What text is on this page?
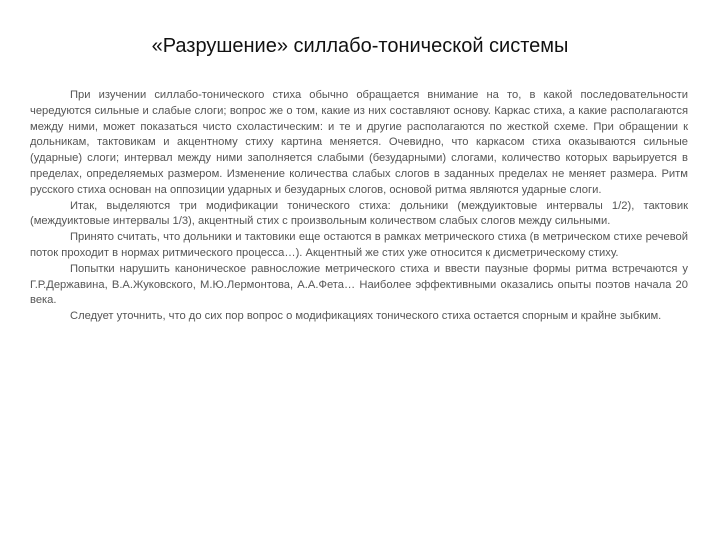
«Разрушение» силлабо-тонической системы

При изучении силлабо-тонического стиха обычно обращается внимание на то, в какой последовательности чередуются сильные и слабые слоги; вопрос же о том, какие из них составляют основу. Каркас стиха, а какие располагаются между ними, может показаться чисто схоластическим: и те и другие располагаются по жесткой схеме. При обращении к дольникам, тактовикам и акцентному стиху картина меняется. Очевидно, что каркасом стиха оказываются сильные (ударные) слоги; интервал между ними заполняется слабыми (безударными) слогами, количество которых варьируется в пределах, определяемых размером. Изменение количества слабых слогов в заданных пределах не меняет размера. Ритм русского стиха основан на оппозиции ударных и безударных слогов, основой ритма являются ударные слоги.

Итак, выделяются три модификации тонического стиха: дольники (междуиктовые интервалы 1/2), тактовик (междуиктовые интервалы 1/3), акцентный стих с произвольным количеством слабых слогов между сильными.

Принято считать, что дольники и тактовики еще остаются в рамках метрического стиха (в метрическом стихе речевой поток проходит в нормах ритмического процесса…). Акцентный же стих уже относится к дисметрическому стиху.

Попытки нарушить каноническое равносложие метрического стиха и ввести паузные формы ритма встречаются у Г.Р.Державина, В.А.Жуковского, М.Ю.Лермонтова, А.А.Фета… Наиболее эффективными оказались опыты поэтов начала 20 века.

Следует уточнить, что до сих пор вопрос о модификациях тонического стиха остается спорным и крайне зыбким.
